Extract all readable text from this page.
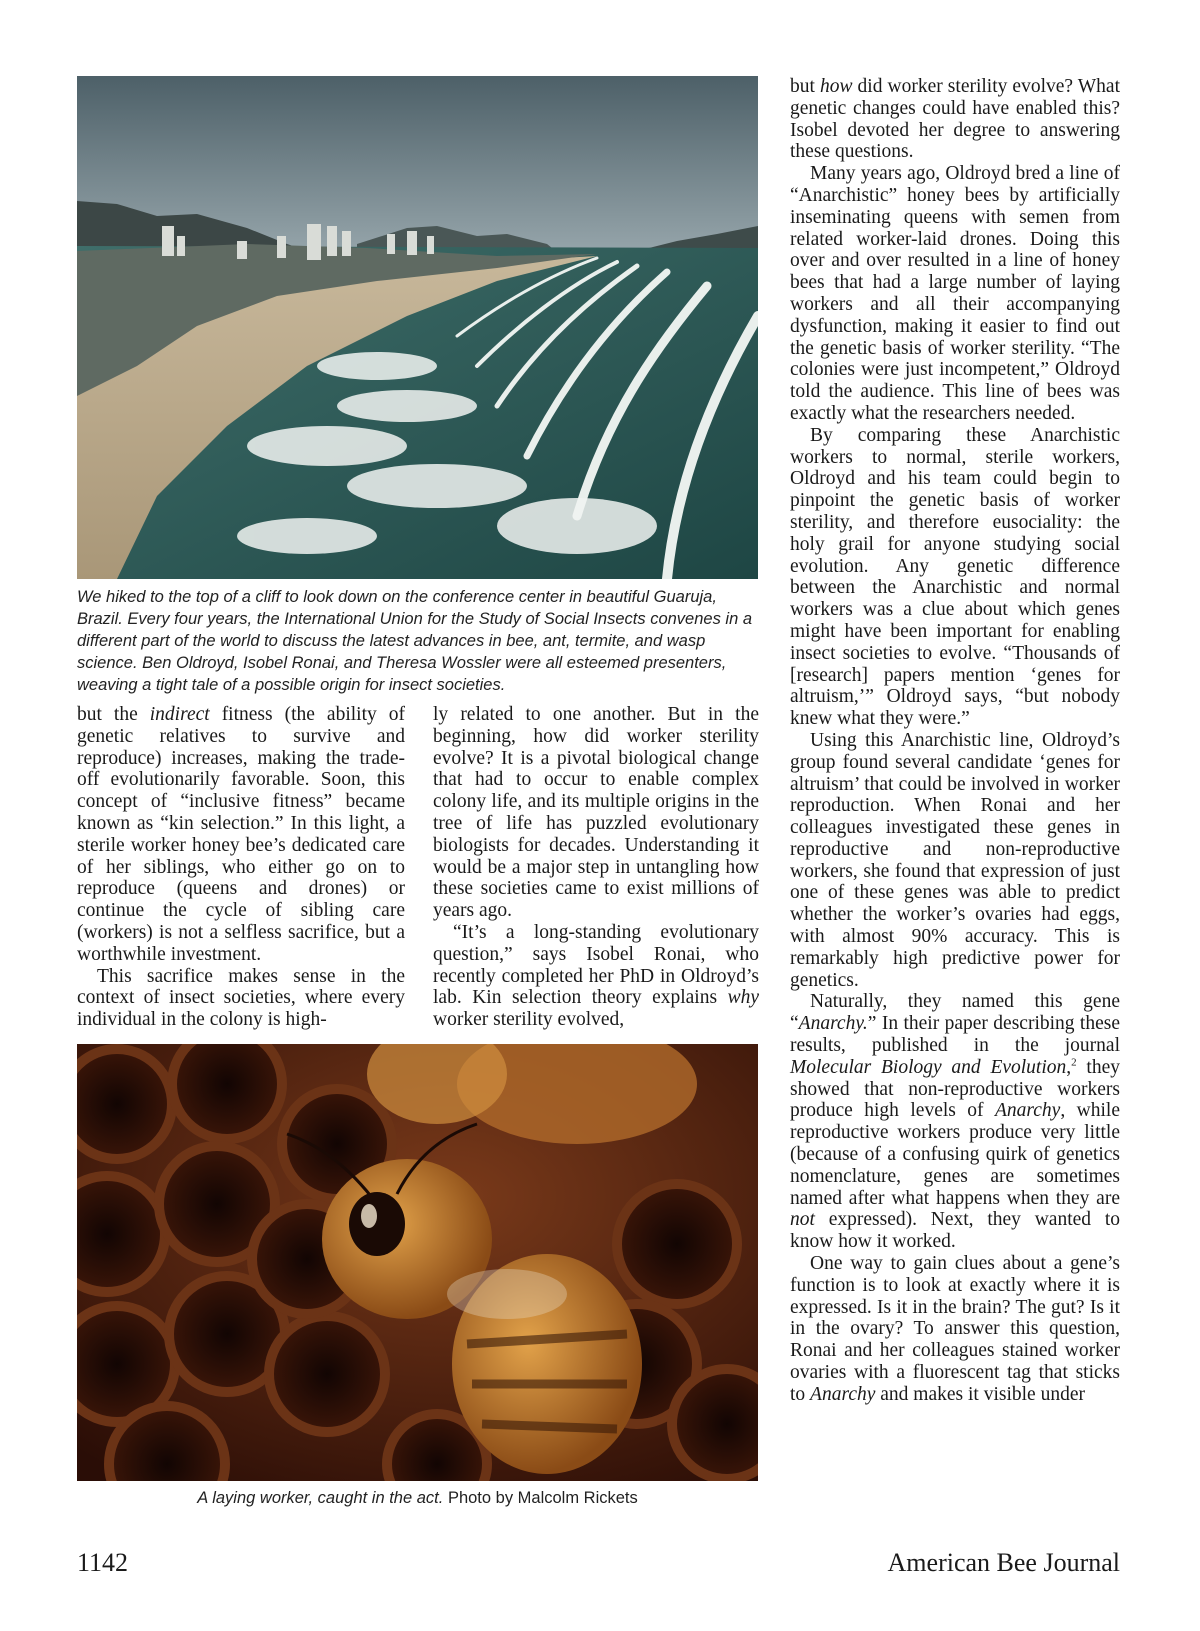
We hiked to the top of a cliff to look down on the conference center in beautiful Guaruja, Brazil. Every four years, the International Union for the Study of Social Insects convenes in a different part of the world to discuss the latest advances in bee, ant, termite, and wasp science. Ben Oldroyd, Isobel Ronai, and Theresa Wossler were all esteemed presenters, weaving a tight tale of a possible origin for insect societies.

but the indirect fitness (the ability of genetic relatives to survive and reproduce) increases, making the trade-off evolutionarily favorable. Soon, this concept of “inclusive fitness” became known as “kin selection.” In this light, a sterile worker honey bee’s dedicated care of her siblings, who either go on to reproduce (queens and drones) or continue the cycle of sibling care (workers) is not a selfless sacrifice, but a worthwhile investment.

This sacrifice makes sense in the context of insect societies, where every individual in the colony is high-

ly related to one another. But in the beginning, how did worker sterility evolve? It is a pivotal biological change that had to occur to enable complex colony life, and its multiple origins in the tree of life has puzzled evolutionary biologists for decades. Understanding it would be a major step in untangling how these societies came to exist millions of years ago.

“It’s a long-standing evolutionary question,” says Isobel Ronai, who recently completed her PhD in Oldroyd’s lab. Kin selection theory explains why worker sterility evolved,

A laying worker, caught in the act. Photo by Malcolm Rickets

but how did worker sterility evolve? What genetic changes could have enabled this? Isobel devoted her degree to answering these questions.

Many years ago, Oldroyd bred a line of “Anarchistic” honey bees by artificially inseminating queens with semen from related worker-laid drones. Doing this over and over resulted in a line of honey bees that had a large number of laying workers and all their accompanying dysfunction, making it easier to find out the genetic basis of worker sterility. “The colonies were just incompetent,” Oldroyd told the audience. This line of bees was exactly what the researchers needed.

By comparing these Anarchistic workers to normal, sterile workers, Oldroyd and his team could begin to pinpoint the genetic basis of worker sterility, and therefore eusociality: the holy grail for anyone studying social evolution. Any genetic difference between the Anarchistic and normal workers was a clue about which genes might have been important for enabling insect societies to evolve. “Thousands of [research] papers mention ‘genes for altruism,’” Oldroyd says, “but nobody knew what they were.”

Using this Anarchistic line, Oldroyd’s group found several candidate ‘genes for altruism’ that could be involved in worker reproduction. When Ronai and her colleagues investigated these genes in reproductive and non-reproductive workers, she found that expression of just one of these genes was able to predict whether the worker’s ovaries had eggs, with almost 90% accuracy. This is remarkably high predictive power for genetics.

Naturally, they named this gene “Anarchy.” In their paper describing these results, published in the journal Molecular Biology and Evolution,$^2$ they showed that non-reproductive workers produce high levels of Anarchy, while reproductive workers produce very little (because of a confusing quirk of genetics nomenclature, genes are sometimes named after what happens when they are not expressed). Next, they wanted to know how it worked.

One way to gain clues about a gene’s function is to look at exactly where it is expressed. Is it in the brain? The gut? Is it in the ovary? To answer this question, Ronai and her colleagues stained worker ovaries with a fluorescent tag that sticks to Anarchy and makes it visible under

1142	American Bee Journal
